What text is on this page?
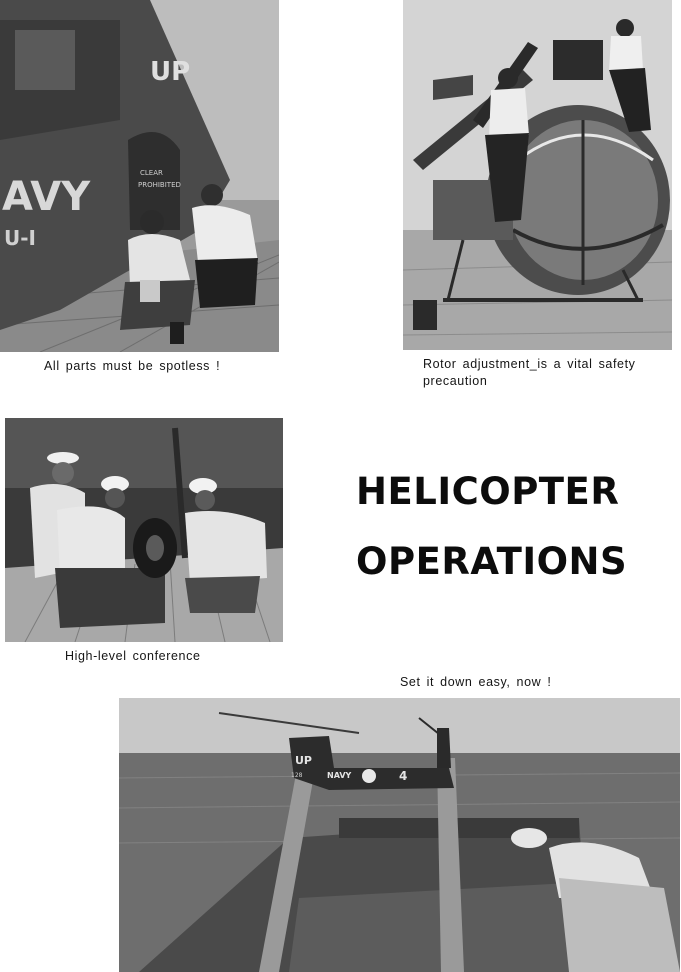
AVY
U-I
UP
CLEAR
PROHIBITED
All parts must be spotless !	Rotor adjustment_is a vital safety precaution
High-level conference
HELICOPTER
OPERATIONS
Set it down easy, now !
UP
128	NAVY	4
